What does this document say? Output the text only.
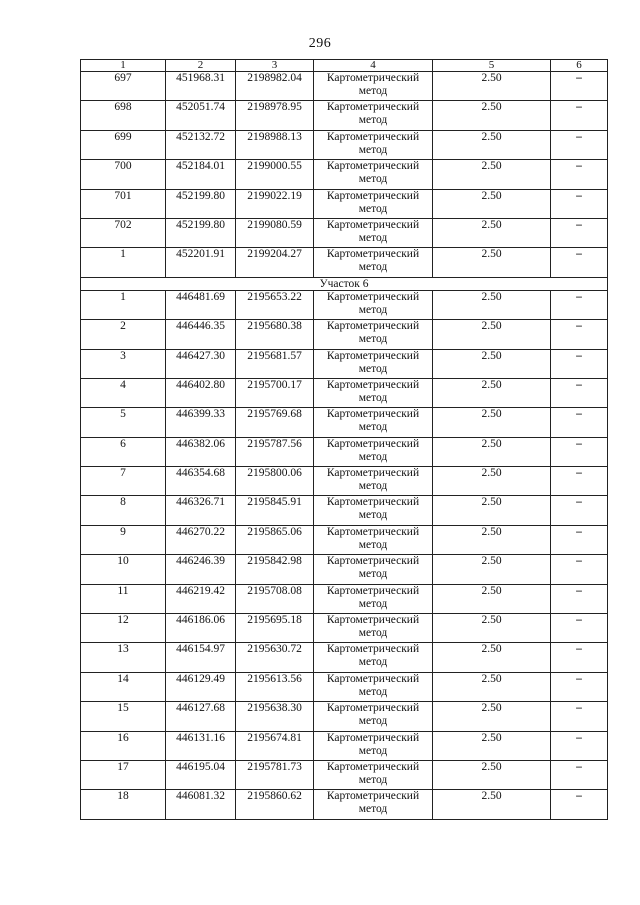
296
1	2	3	4	5	6
697	451968.31	2198982.04	Картометрический метод	2.50	–
698	452051.74	2198978.95	Картометрический метод	2.50	–
699	452132.72	2198988.13	Картометрический метод	2.50	–
700	452184.01	2199000.55	Картометрический метод	2.50	–
701	452199.80	2199022.19	Картометрический метод	2.50	–
702	452199.80	2199080.59	Картометрический метод	2.50	–
1	452201.91	2199204.27	Картометрический метод	2.50	–
Участок 6					
1	446481.69	2195653.22	Картометрический метод	2.50	–
2	446446.35	2195680.38	Картометрический метод	2.50	–
3	446427.30	2195681.57	Картометрический метод	2.50	–
4	446402.80	2195700.17	Картометрический метод	2.50	–
5	446399.33	2195769.68	Картометрический метод	2.50	–
6	446382.06	2195787.56	Картометрический метод	2.50	–
7	446354.68	2195800.06	Картометрический метод	2.50	–
8	446326.71	2195845.91	Картометрический метод	2.50	–
9	446270.22	2195865.06	Картометрический метод	2.50	–
10	446246.39	2195842.98	Картометрический метод	2.50	–
11	446219.42	2195708.08	Картометрический метод	2.50	–
12	446186.06	2195695.18	Картометрический метод	2.50	–
13	446154.97	2195630.72	Картометрический метод	2.50	–
14	446129.49	2195613.56	Картометрический метод	2.50	–
15	446127.68	2195638.30	Картометрический метод	2.50	–
16	446131.16	2195674.81	Картометрический метод	2.50	–
17	446195.04	2195781.73	Картометрический метод	2.50	–
18	446081.32	2195860.62	Картометрический метод	2.50	–
